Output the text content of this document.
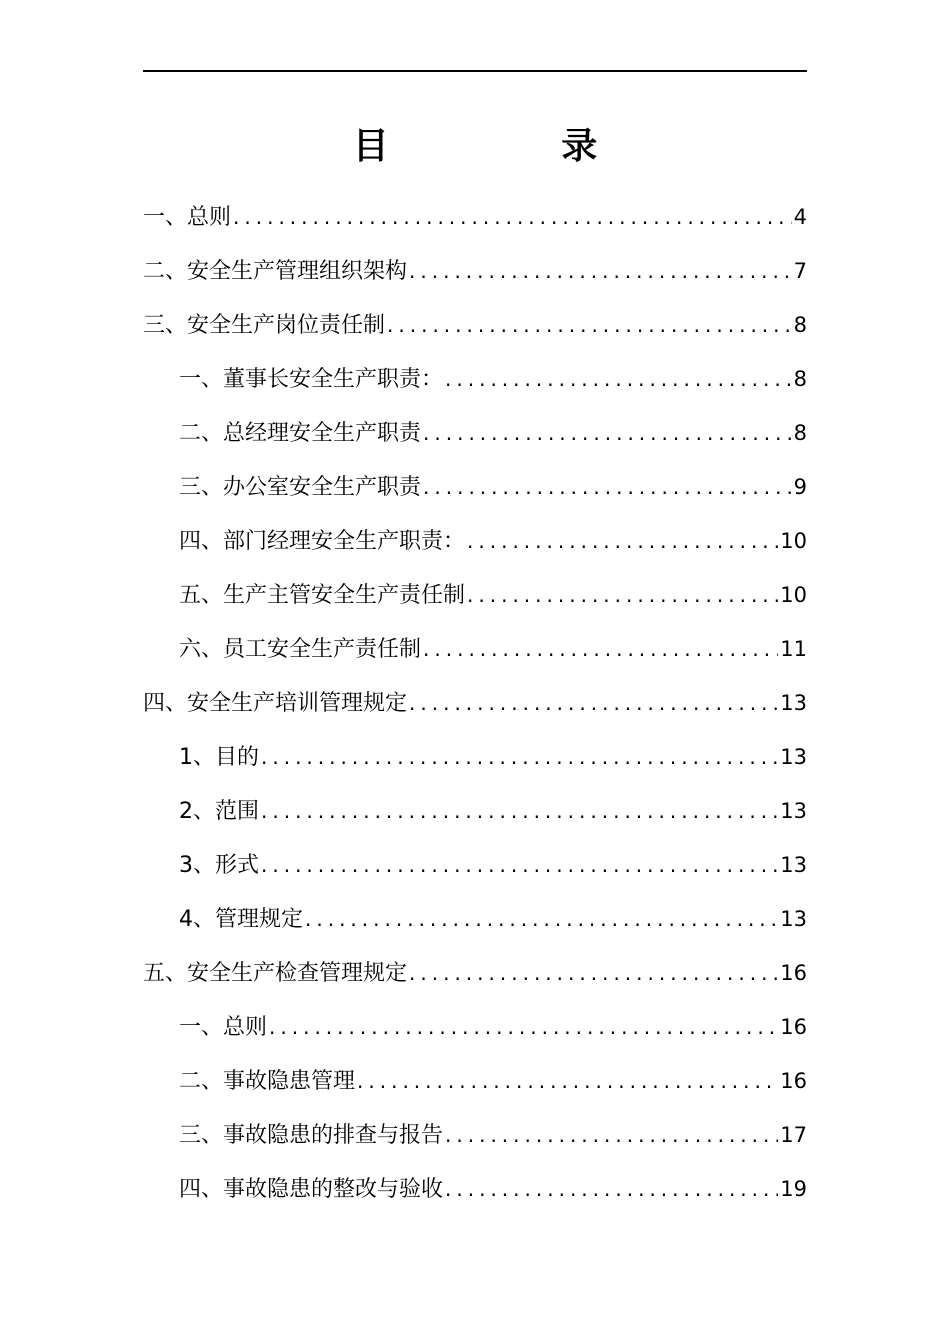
目 录
一、总则 .....	4
二、安全生产管理组织架构 .....	7
三、安全生产岗位责任制 .....	8
一、董事长安全生产职责： .....	8
二、总经理安全生产职责 .....	8
三、办公室安全生产职责 .....	9
四、部门经理安全生产职责： .....	10
五、生产主管安全生产责任制 .....	10
六、员工安全生产责任制 .....	11
四、安全生产培训管理规定 .....	13
1、目的 .....	13
2、范围 .....	13
3、形式 .....	13
4、管理规定 .....	13
五、安全生产检查管理规定 .....	16
一、总则 .....	16
二、事故隐患管理 .....	16
三、事故隐患的排查与报告 .....	17
四、事故隐患的整改与验收 .....	19
